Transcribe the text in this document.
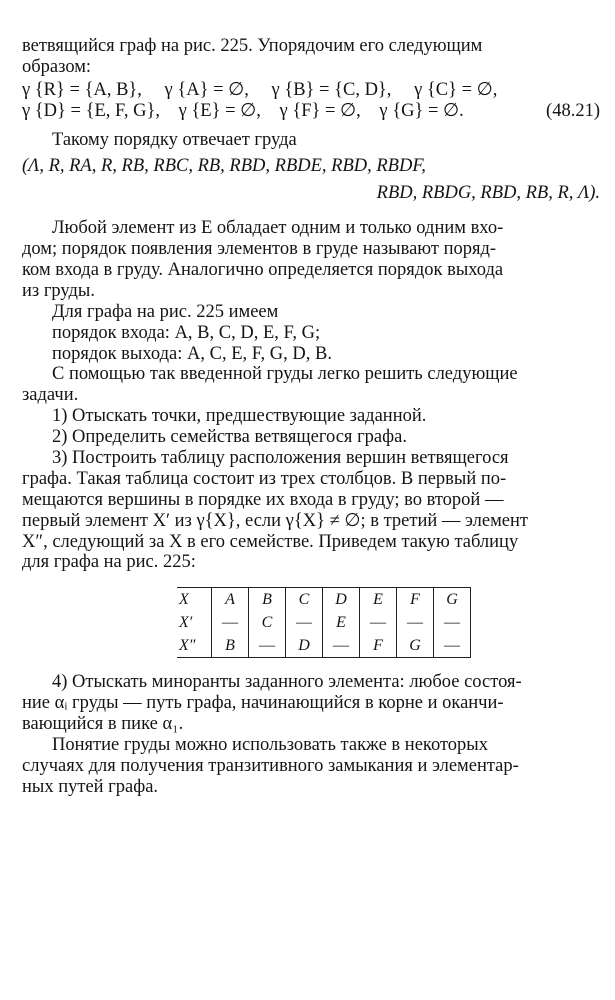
ветвящийся граф на рис. 225. Упорядочим его следующим

образом:

γ {R} = {A, B}, γ {A} = ∅, γ {B} = {C, D}, γ {C} = ∅,
γ {D} = {E, F, G}, γ {E} = ∅, γ {F} = ∅, γ {G} = ∅.	(48.21)

Такому порядку отвечает груда

(Λ, R, RA, R, RB, RBC, RB, RBD, RBDE, RBD, RBDF,
RBD, RBDG, RBD, RB, R, Λ).

Любой элемент из E обладает одним и только одним вхо-

дом; порядок появления элементов в груде называют поряд-

ком входа в груду. Аналогично определяется порядок выхода

из груды.

Для графа на рис. 225 имеем

порядок входа: A, B, C, D, E, F, G;

порядок выхода: A, C, E, F, G, D, B.

С помощью так введенной груды легко решить следующие

задачи.

1) Отыскать точки, предшествующие заданной.

2) Определить семейства ветвящегося графа.

3) Построить таблицу расположения вершин ветвящегося

графа. Такая таблица состоит из трех столбцов. В первый по-

мещаются вершины в порядке их входа в груду; во второй —

первый элемент X′ из γ{X}, если γ{X} ≠ ∅; в третий — элемент

X″, следующий за X в его семействе. Приведем такую таблицу

для графа на рис. 225:

X	A	B	C	D	E	F	G
X′	—	C	—	E	—	—	—
X″	B	—	D	—	F	G	—

4) Отыскать миноранты заданного элемента: любое состоя-

ние αᵢ груды — путь графа, начинающийся в корне и оканчи-

вающийся в пике α₁.

Понятие груды можно использовать также в некоторых

случаях для получения транзитивного замыкания и элементар-

ных путей графа.
